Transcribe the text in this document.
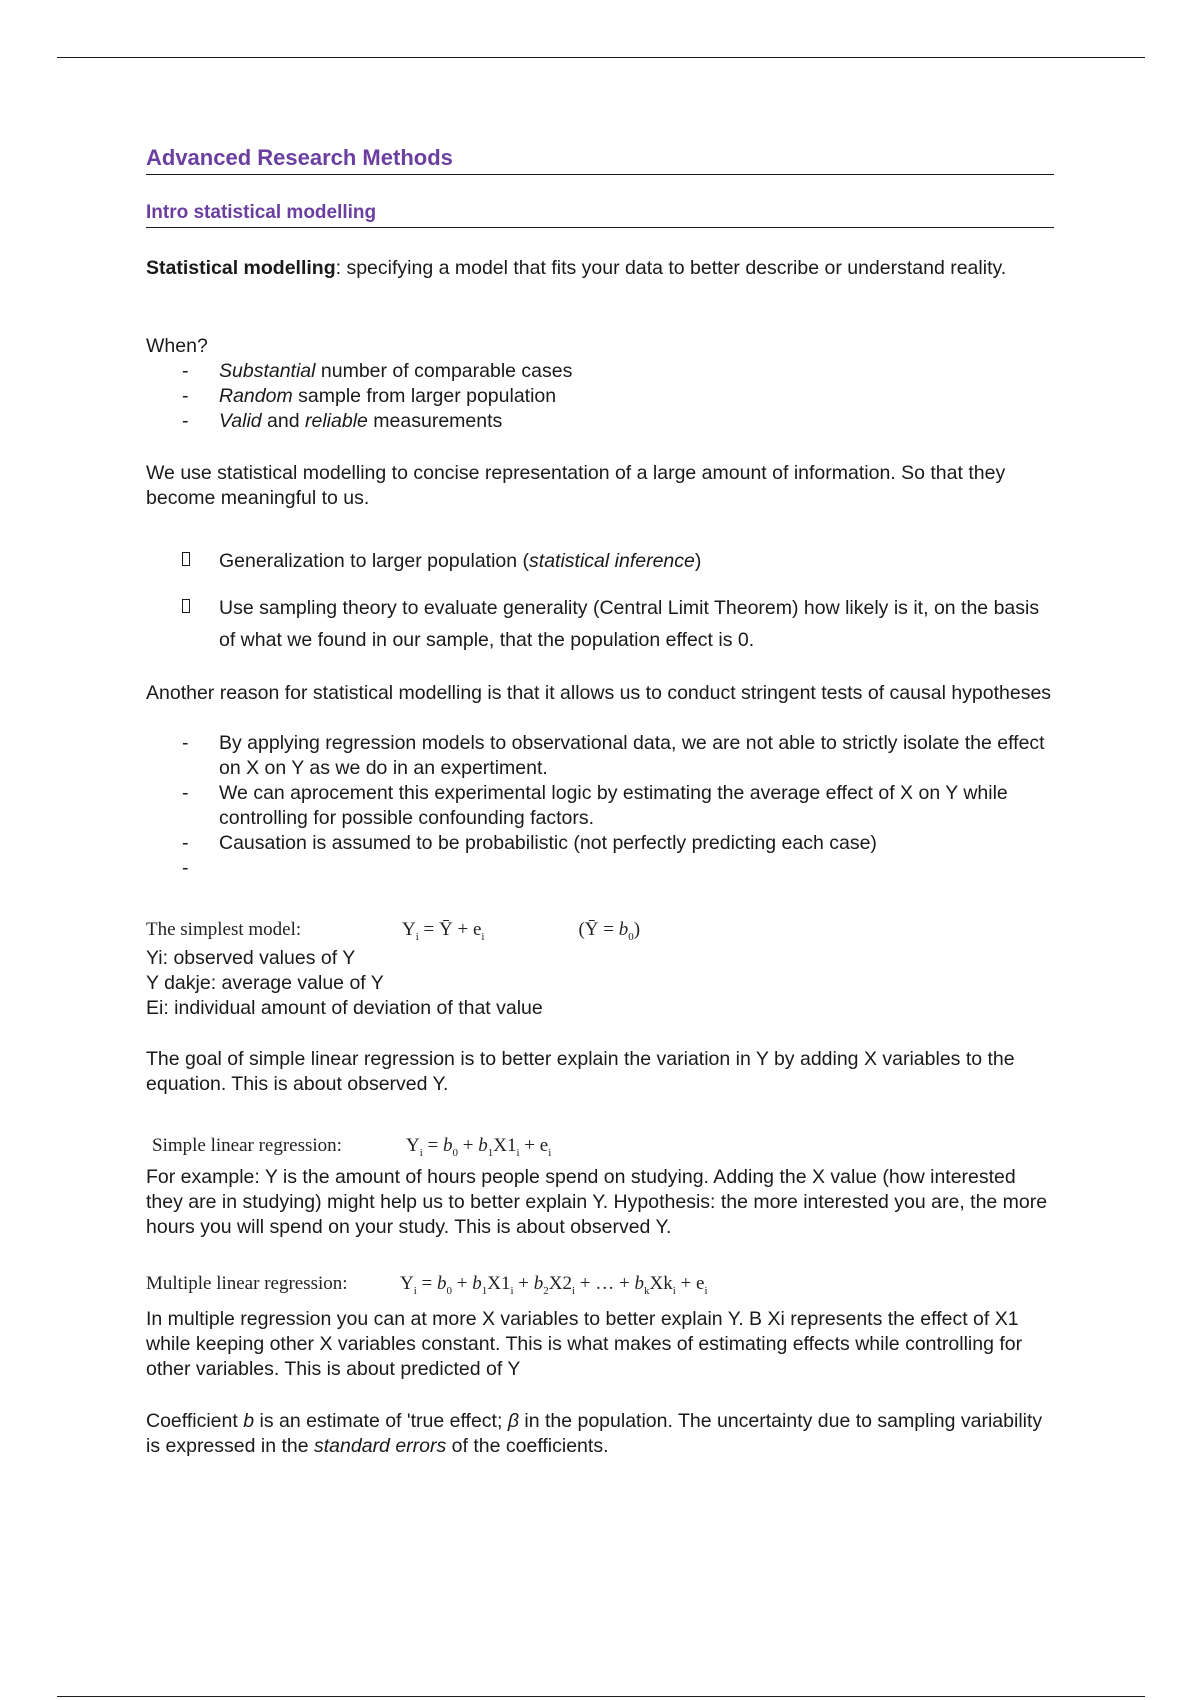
Advanced Research Methods
Intro statistical modelling
Statistical modelling: specifying a model that fits your data to better describe or understand reality.
When?
- Substantial number of comparable cases
- Random sample from larger population
- Valid and reliable measurements
We use statistical modelling to concise representation of a large amount of information. So that they become meaningful to us.
Generalization to larger population (statistical inference)
Use sampling theory to evaluate generality (Central Limit Theorem) how likely is it, on the basis of what we found in our sample, that the population effect is 0.
Another reason for statistical modelling is that it allows us to conduct stringent tests of causal hypotheses
- By applying regression models to observational data, we are not able to strictly isolate the effect on X on Y as we do in an expertiment.
- We can aprocement this experimental logic by estimating the average effect of X on Y while controlling for possible confounding factors.
- Causation is assumed to be probabilistic (not perfectly predicting each case)
-
The simplest model:	$Y_i$ = Ȳ + $e_i$	(Ȳ = $b_0$)
Yi: observed values of Y
Y dakje: average value of Y
Ei: individual amount of deviation of that value
The goal of simple linear regression is to better explain the variation in Y by adding X variables to the equation. This is about observed Y.
Simple linear regression:	$Y_i = b_0 + b_1X1_i + e_i$
For example: Y is the amount of hours people spend on studying. Adding the X value (how interested they are in studying) might help us to better explain Y. Hypothesis: the more interested you are, the more hours you will spend on your study. This is about observed Y.
Multiple linear regression:	$Y_i = b_0 + b_1X1_i + b_2X2_i$ + … + $b_kXk_i + e_i$
In multiple regression you can at more X variables to better explain Y. B Xi represents the effect of X1 while keeping other X variables constant. This is what makes of estimating effects while controlling for other variables. This is about predicted of Y
Coefficient b is an estimate of 'true effect; β in the population. The uncertainty due to sampling variability is expressed in the standard errors of the coefficients.
